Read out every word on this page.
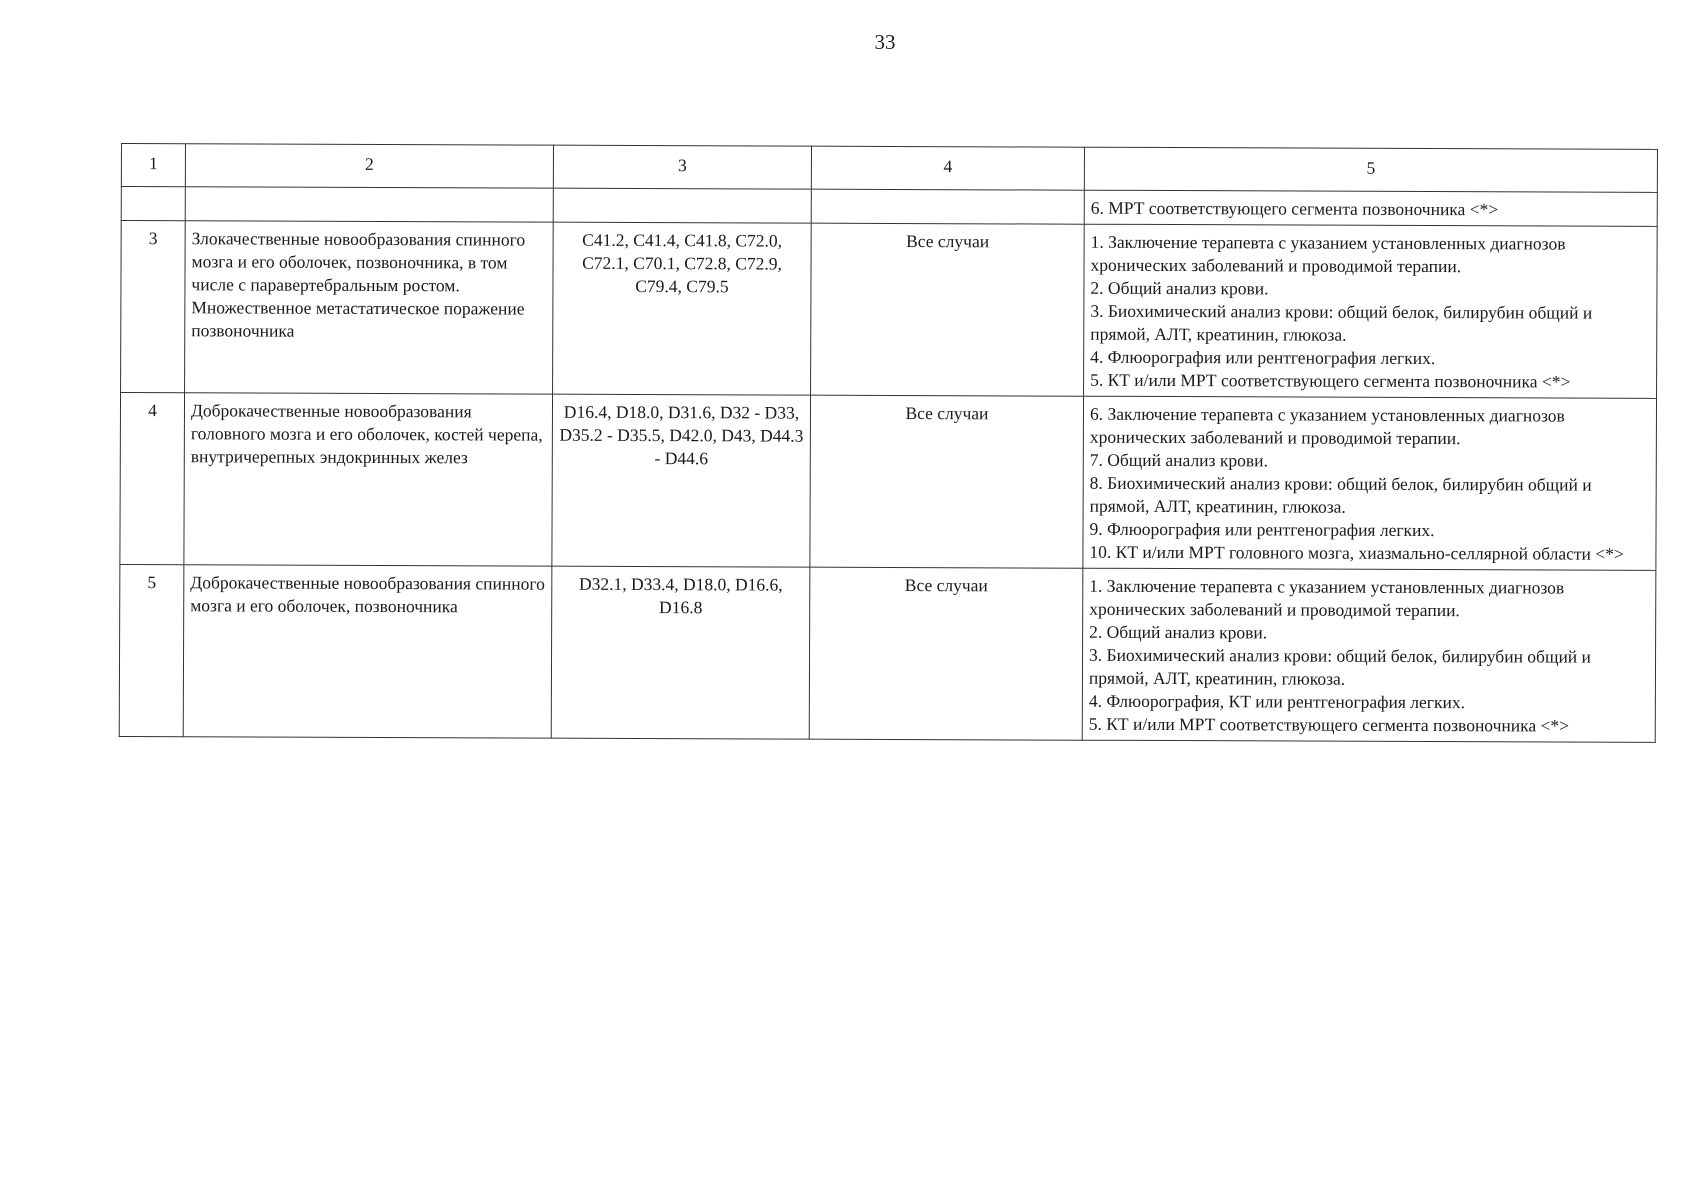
33
1	2	3	4	5

				6. МРТ соответствующего сегмента позвоночника <*>

3	Злокачественные новообразования спинного мозга и его оболочек, позвоночника, в том числе с паравертебральным ростом. Множественное метастатическое поражение позвоночника	C41.2, C41.4, C41.8, C72.0, C72.1, C70.1, C72.8, C72.9, C79.4, C79.5	Все случаи	1. Заключение терапевта с указанием установленных диагнозов хронических заболеваний и проводимой терапии.
2. Общий анализ крови.
3. Биохимический анализ крови: общий белок, билирубин общий и прямой, АЛТ, креатинин, глюкоза.
4. Флюорография или рентгенография легких.
5. КТ и/или МРТ соответствующего сегмента позвоночника <*>

4	Доброкачественные новообразования головного мозга и его оболочек, костей черепа, внутричерепных эндокринных желез	D16.4, D18.0, D31.6, D32 - D33, D35.2 - D35.5, D42.0, D43, D44.3 - D44.6	Все случаи	6. Заключение терапевта с указанием установленных диагнозов хронических заболеваний и проводимой терапии.
7. Общий анализ крови.
8. Биохимический анализ крови: общий белок, билирубин общий и прямой, АЛТ, креатинин, глюкоза.
9. Флюорография или рентгенография легких.
10. КТ и/или МРТ головного мозга, хиазмально-селлярной области <*>

5	Доброкачественные новообразования спинного мозга и его оболочек, позвоночника	D32.1, D33.4, D18.0, D16.6, D16.8	Все случаи	1. Заключение терапевта с указанием установленных диагнозов хронических заболеваний и проводимой терапии.
2. Общий анализ крови.
3. Биохимический анализ крови: общий белок, билирубин общий и прямой, АЛТ, креатинин, глюкоза.
4. Флюорография, КТ или рентгенография легких.
5. КТ и/или МРТ соответствующего сегмента позвоночника <*>
